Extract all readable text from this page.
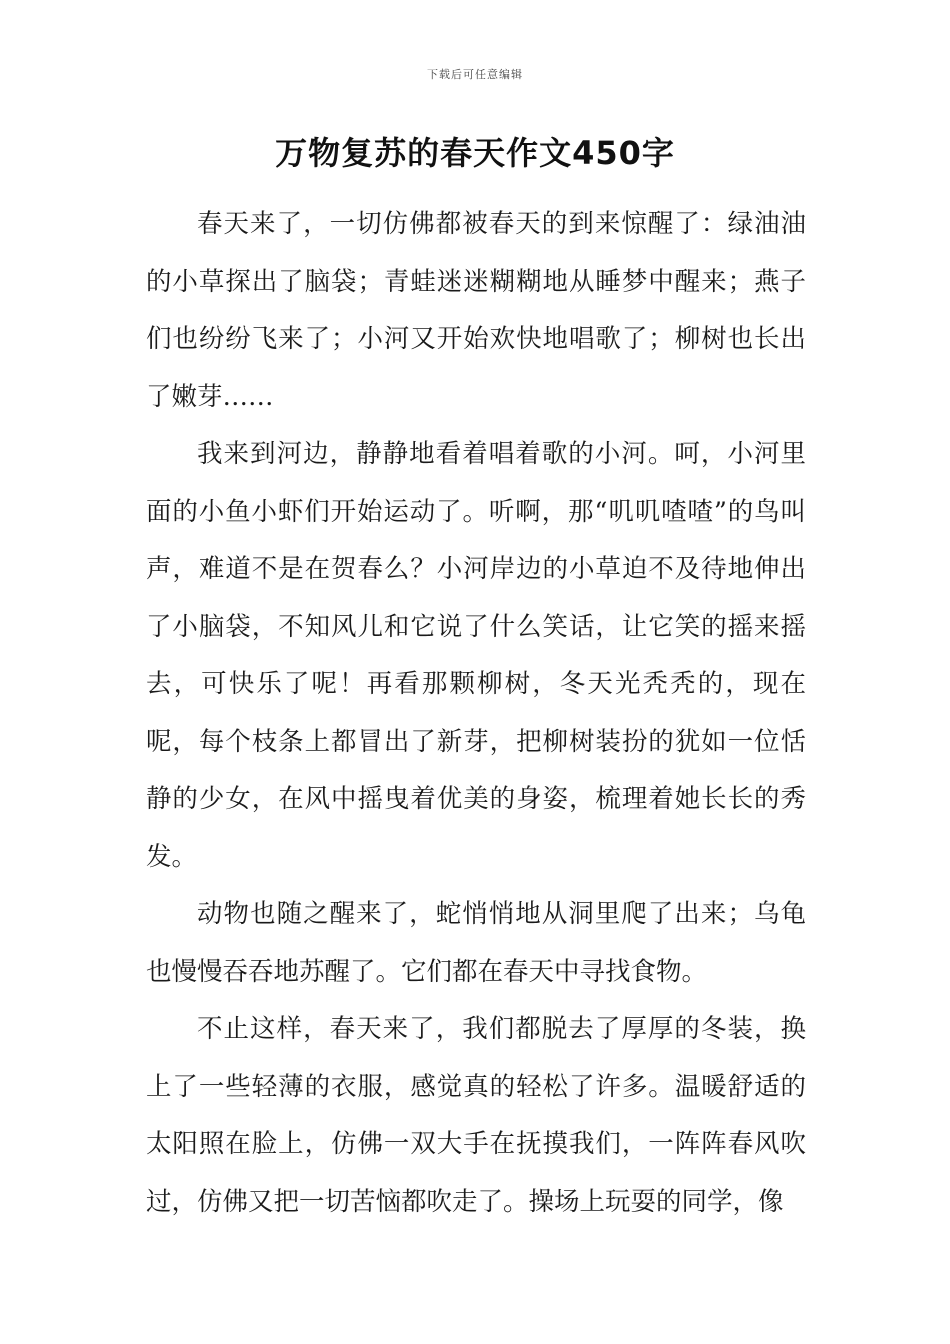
下载后可任意编辑
万物复苏的春天作文450字

春天来了，一切仿佛都被春天的到来惊醒了：绿油油的小草探出了脑袋；青蛙迷迷糊糊地从睡梦中醒来；燕子们也纷纷飞来了；小河又开始欢快地唱歌了；柳树也长出了嫩芽……

我来到河边，静静地看着唱着歌的小河。呵，小河里面的小鱼小虾们开始运动了。听啊，那“叽叽喳喳”的鸟叫声，难道不是在贺春么？小河岸边的小草迫不及待地伸出了小脑袋，不知风儿和它说了什么笑话，让它笑的摇来摇去，可快乐了呢！再看那颗柳树，冬天光秃秃的，现在呢，每个枝条上都冒出了新芽，把柳树装扮的犹如一位恬静的少女，在风中摇曳着优美的身姿，梳理着她长长的秀发。

动物也随之醒来了，蛇悄悄地从洞里爬了出来；乌龟也慢慢吞吞地苏醒了。它们都在春天中寻找食物。

不止这样，春天来了，我们都脱去了厚厚的冬装，换上了一些轻薄的衣服，感觉真的轻松了许多。温暖舒适的太阳照在脸上，仿佛一双大手在抚摸我们，一阵阵春风吹过，仿佛又把一切苦恼都吹走了。操场上玩耍的同学，像
